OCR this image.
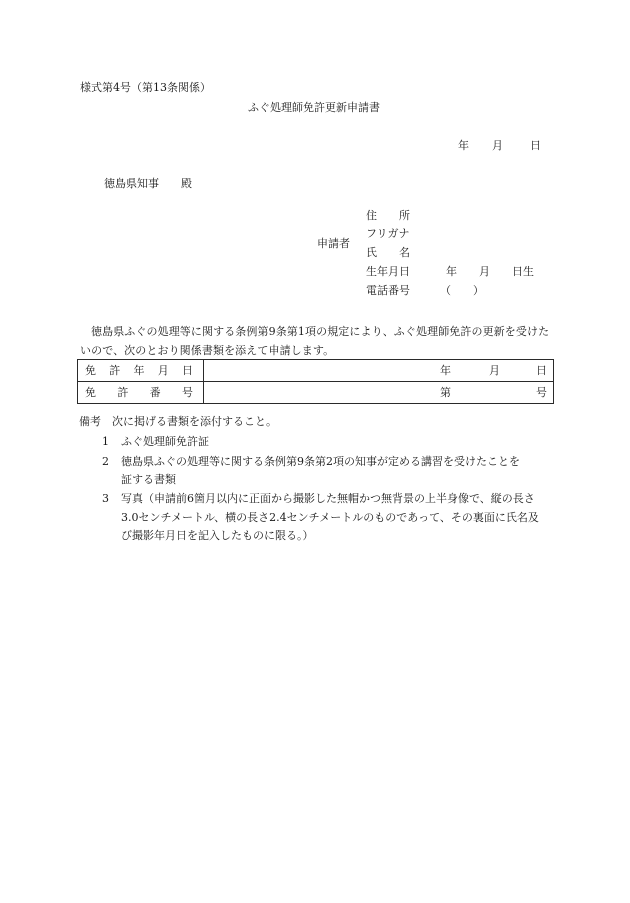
様式第4号（第13条関係）
ふぐ処理師免許更新申請書
年 月 日
徳島県知事　　殿
申請者
住　　所
フリガナ
氏　　名
生年月日	年　　月　　日生
電話番号	（　　）
徳島県ふぐの処理等に関する条例第9条第1項の規定により、ふぐ処理師免許の更新を受けたいので、次のとおり関係書類を添えて申請します。
免 許 年 月 日	年 月 日

免 許 番 号	第 号
備考　次に掲げる書類を添付すること。
1 ふぐ処理師免許証
2 徳島県ふぐの処理等に関する条例第9条第2項の知事が定める講習を受けたことを
証する書類
3 写真（申請前6箇月以内に正面から撮影した無帽かつ無背景の上半身像で、縦の長さ
3.0センチメートル、横の長さ2.4センチメートルのものであって、その裏面に氏名及
び撮影年月日を記入したものに限る。）
